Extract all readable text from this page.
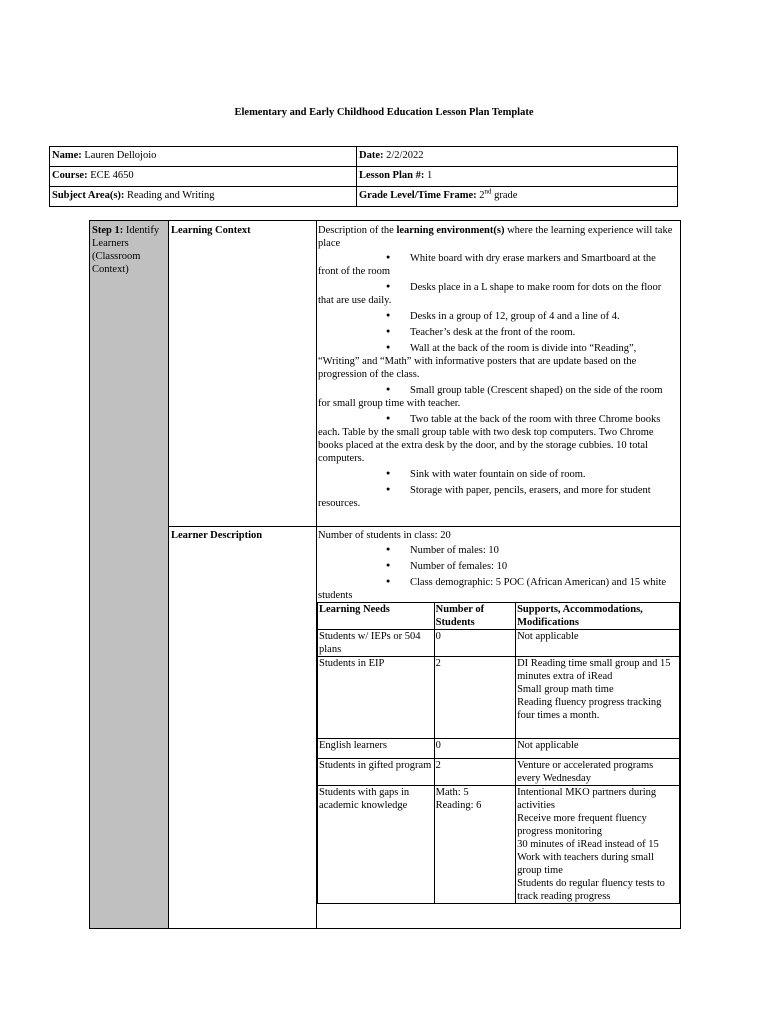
Elementary and Early Childhood Education Lesson Plan Template
Name: Lauren Dellojoio	Date: 2/2/2022
Course: ECE 4650	Lesson Plan #: 1
Subject Area(s): Reading and Writing	Grade Level/Time Frame: 2nd grade
Step 1: Identify Learners (Classroom Context)
Learning Context	Description of the learning environment(s) where the learning experience will take place
● White board with dry erase markers and Smartboard at the front of the room
● Desks place in a L shape to make room for dots on the floor that are use daily.
● Desks in a group of 12, group of 4 and a line of 4.
● Teacher’s desk at the front of the room.
● Wall at the back of the room is divide into “Reading”, “Writing” and “Math” with informative posters that are update based on the progression of the class.
● Small group table (Crescent shaped) on the side of the room for small group time with teacher.
● Two table at the back of the room with three Chrome books each. Table by the small group table with two desk top computers. Two Chrome books placed at the extra desk by the door, and by the storage cubbies. 10 total computers.
● Sink with water fountain on side of room.
● Storage with paper, pencils, erasers, and more for student resources.
Learner Description	Number of students in class: 20
● Number of males: 10
● Number of females: 10
● Class demographic: 5 POC (African American) and 15 white students
Learning Needs	Number of Students	Supports, Accommodations, Modifications
Students w/ IEPs or 504 plans	0	Not applicable

Students in EIP	2	DI Reading time small group and 15 minutes extra of iRead
Small group math time
Reading fluency progress tracking four times a month.

English learners	0	Not applicable

Students in gifted program	2	Venture or accelerated programs every Wednesday

Students with gaps in academic knowledge	Math: 5
Reading: 6	Intentional MKO partners during activities
Receive more frequent fluency progress monitoring
30 minutes of iRead instead of 15
Work with teachers during small group time
Students do regular fluency tests to track reading progress
